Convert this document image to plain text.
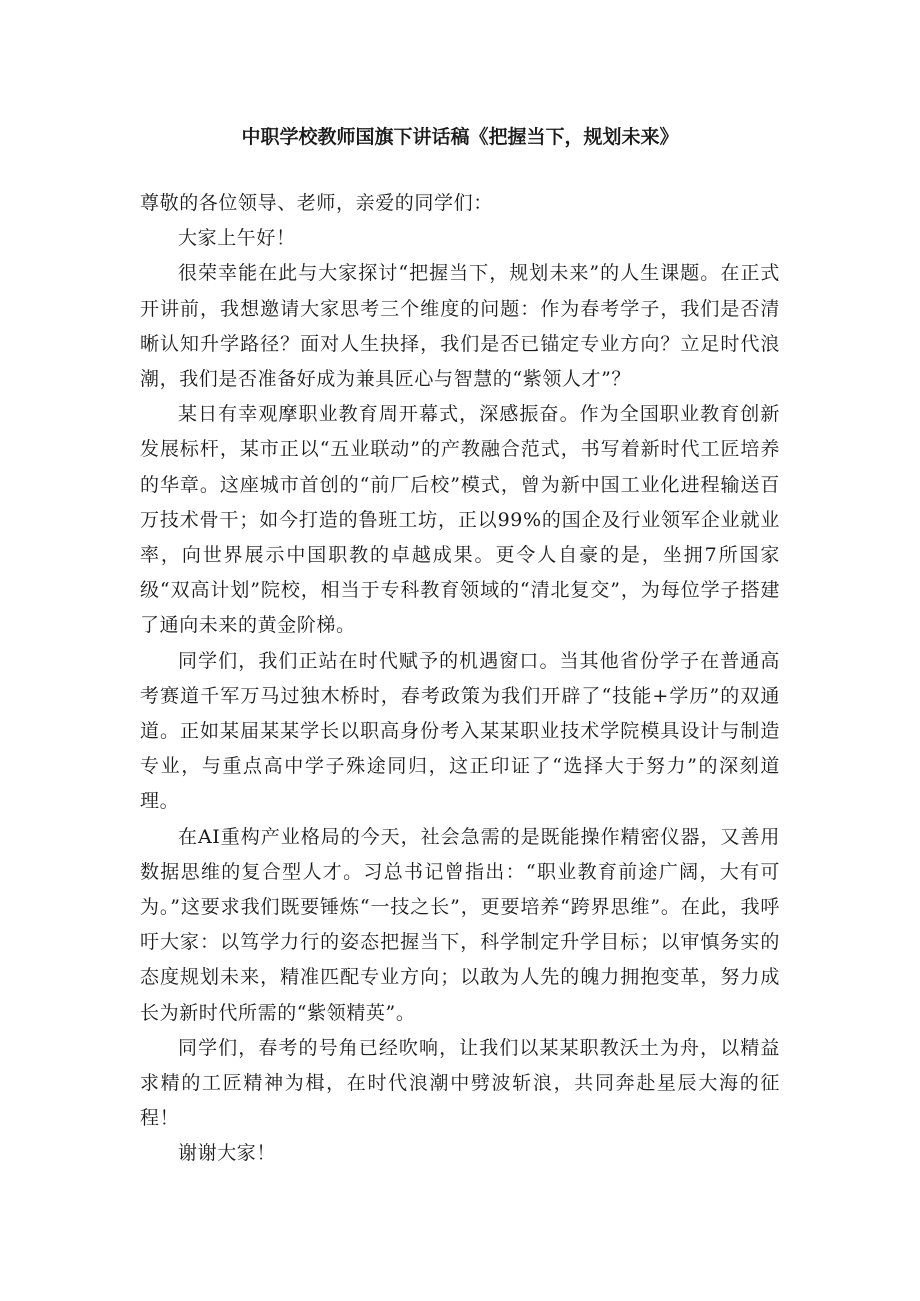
中职学校教师国旗下讲话稿《把握当下，规划未来》

尊敬的各位领导、老师，亲爱的同学们：

大家上午好！

很荣幸能在此与大家探讨“把握当下，规划未来”的人生课题。在正式开讲前，我想邀请大家思考三个维度的问题：作为春考学子，我们是否清晰认知升学路径？面对人生抉择，我们是否已锚定专业方向？立足时代浪潮，我们是否准备好成为兼具匠心与智慧的“紫领人才”？

某日有幸观摩职业教育周开幕式，深感振奋。作为全国职业教育创新发展标杆，某市正以“五业联动”的产教融合范式，书写着新时代工匠培养的华章。这座城市首创的“前厂后校”模式，曾为新中国工业化进程输送百万技术骨干；如今打造的鲁班工坊，正以99%的国企及行业领军企业就业率，向世界展示中国职教的卓越成果。更令人自豪的是，坐拥7所国家级“双高计划”院校，相当于专科教育领域的“清北复交”，为每位学子搭建了通向未来的黄金阶梯。

同学们，我们正站在时代赋予的机遇窗口。当其他省份学子在普通高考赛道千军万马过独木桥时，春考政策为我们开辟了“技能+学历”的双通道。正如某届某某学长以职高身份考入某某职业技术学院模具设计与制造专业，与重点高中学子殊途同归，这正印证了“选择大于努力”的深刻道理。

在AI重构产业格局的今天，社会急需的是既能操作精密仪器，又善用数据思维的复合型人才。习总书记曾指出：“职业教育前途广阔，大有可为。”这要求我们既要锤炼“一技之长”，更要培养“跨界思维”。在此，我呼吁大家：以笃学力行的姿态把握当下，科学制定升学目标；以审慎务实的态度规划未来，精准匹配专业方向；以敢为人先的魄力拥抱变革，努力成长为新时代所需的“紫领精英”。

同学们，春考的号角已经吹响，让我们以某某职教沃土为舟，以精益求精的工匠精神为楫，在时代浪潮中劈波斩浪，共同奔赴星辰大海的征程！

谢谢大家！
